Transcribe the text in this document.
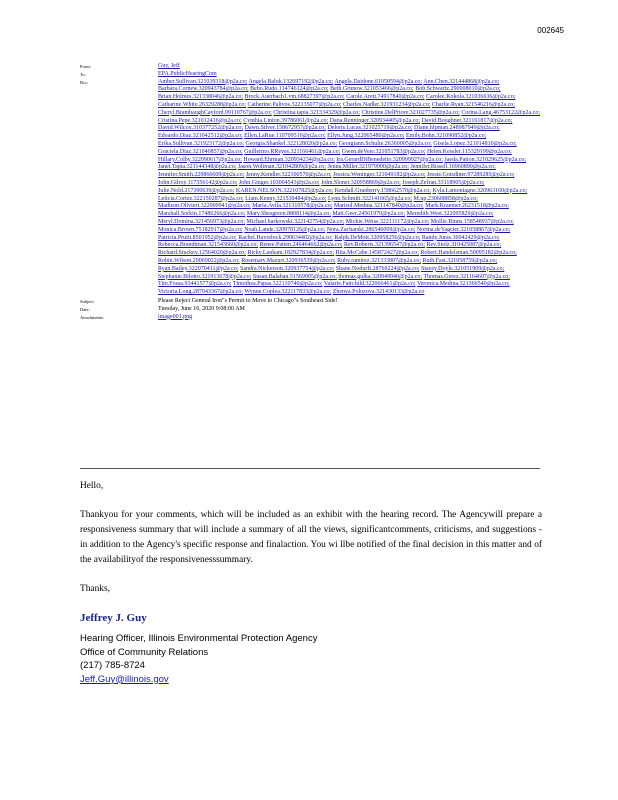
002645
From:	Guy, Jeff
To:	EPA.PublicHearingCom
Bcc:	Amber.Sullivan.321039318@p2a.co; Angela.Baluk.132697192@p2a.co; Angela.Daidone.61050594@p2a.co; Ann.Chen.321444868@p2a.co; Barbara.Cornew.320943784@p2a.co; Beho.Rudo.114746124@p2a.co; Beth.Grunow.321053466@p2a.co; Bob.Schwartz.290008010@p2a.co; Brian.Holmes.321338046@p2a.co; Brock.Auerbach1.vm.68827397@p2a.co; Carole.Arett.74917840@p2a.co; Carolee.Kokola.321036636@p2a.co; Catharine.White.26329288@p2a.co; Catherine.Palivos.322135077@p2a.co; Charles.Nadler.321931234@p2a.co; Charlie.Ryan.321546216@p2a.co; Cheryl.BrambaughCayford.99110767@p2a.co; Christina.tapia.321334329@p2a.co; Christine.DelPriore.321027735@p2a.co; Corina.Lang.46753122@p2a.co; Cristina.Pepe.321012416@p2a.co; Cynthia.Linton.39786061@p2a.co; Dana.Renninger.320934405@p2a.co; David.Boughner.321161817@p2a.co; David.Wilcox.310377252@p2a.co; Dawn.Silver.158672957@p2a.co; Deloris.Lucas.321025719@p2a.co; Diane.hIpman.248987949@p2a.co; Edoardo.Diaz.321042512@p2a.co; Ellen.LaRue.110709516@p2a.co; Ellyn.Jung.322065480@p2a.co; Emily.Bohn.321090852@p2a.co; Erika.Sullivan.321923172@p2a.co; Georgia.Shankel.322128020@p2a.co; Georgiann.Schulte.26360005@p2a.co; Gisela.Lopez.321014810@p2a.co; Graciela.Diaz.321040857@p2a.co; Guillermo.RReyes.321166461@p2a.co; Gwen.deVeer.321051783@p2a.co; Helen.Kessler.115329199@p2a.co; Hillary.Colby.322090617@p2a.co; Howard.Ehrman.320934234@p2a.co; Ira.GerardDiBenedetto.320999927@p2a.co; Jaeda.Patton.321029625@p2a.co; Janet.Tapia.321144348@p2a.co; Jason.Woltman.321042809@p2a.co; Jenna.Miller.321979900@p2a.co; Jennifer.Bissell.16960890@p2a.co; Jennifer.Smith.229866609@p2a.co; Jenny.Kendler.322100570@p2a.co; Jessica.Weninger.321049182@p2a.co; Jessie.Gotsdiner.97289285@p2a.co; John.Gilroy.117356142@p2a.co; John.Ginger.103004543@p2a.co; John.Sloner.320958869@p2a.co; Joseph.Zefran.33118905@p2a.co; Julie.Nold.217390639@p2a.co; KAREN.NELSON.322107825@p2a.co; Kendall.Granberry.158662570@p2a.co; Kyla.Lamontagne.320963160@p2a.co; Leticia.Cortez.322150287@p2a.co; Liam.Kenny.321530484@p2a.co; Lynn.Schmitt.322141665@p2a.co; M.up.230608858@p2a.co; Madison.Olivieri.322009941@p2a.co; Maria.Avila.321310578@p2a.co; Marisol.Medina.321147840@p2a.co; Mark.Kraemer.26231518@p2a.co; Marshall.Sorkin.17486266@p2a.co; Mary.Shesgreen.8808114@p2a.co; Matt.Geer.24561970@p2a.co; Meredith.West.322095829@p2a.co; Meryl.Domina.321456973@p2a.co; Michael.barkowski.322142754@p2a.co; Mickie.Weiss.322111172@p2a.co; Mollie.Binns.158548937@p2a.co; Monica.Brown.75182917@p2a.co; Noah.Lande.320978126@p2a.co; Nora.Zacharski.286546009@p2a.co; Norma.deYagcier.321058867@p2a.co; Patricia.Pruitt.8501952@p2a.co; Rachel.Havrelock.290634402@p2a.co; Ralph.DeMott.320958256@p2a.co; Randy.Juras.36042429@p2a.co; Rebecca.Brandtman.321543660@p2a.co; Renee.Patten.246464662@p2a.co; Rev.Roberts.321396547@p2a.co; Rev.Stolz.310425087@p2a.co; Richard.Stuckey.12564020@p2a.co; Ricky.Lanham.182927834@p2a.co; Rita.McCabe.145872427@p2a.co; Robert.Handelsman.50095182@p2a.co; Robin.Wilson.29069022@p2a.co; Rosemary.Mazurr.320936539@p2a.co; Ruby.ramirez.321333807@p2a.co; Ruth.Fast.321058759@p2a.co; Ryan.Bailey.322070411@p2a.co; Sandra.Nickerson.320937754@p2a.co; Shane.Nodurft.28769224@p2a.co; Stacey.Doyle.321051909@p2a.co; Stephanie.Bilotto.321913678@p2a.co; Susan.Balaban.51569905@p2a.co; thomas.gulka.320949940@p2a.co; Thomas.Gerez.321164607@p2a.co; Tim.Fossa.93441577@p2a.co; Timothea.Papas.322110740@p2a.co; Valarie.Fairchild.322066461@p2a.co; Veronica.Medina.321366540@p2a.co; Victoria.Long.287043367@p2a.co; Wynne.Coplea.322117833@p2a.co; Zhenya.Polozova.321430133@p2a.co
Subject:	Please Reject General Iron"s Permit to Move to Chicago"s Southeast Side!
Date:	Tuesday, June 16, 2020 9:08:00 AM
Attachments:	image001.png
Hello,
Thankyou for your comments, which will be included as an exhibit with the hearing record. The Agencywill prepare a responsiveness summary that will include a summary of all the views, significantcomments, criticisms, and suggestions - in addition to the Agency's specific response and finalaction. You wi llbe notified of the final decision in this matter and of the availabilityof the responsivenesssummary.
Thanks,
Jeffrey J. Guy
Hearing Officer, Illinois Environmental Protection Agency
Office of Community Relations
(217) 785-8724
Jeff.Guy@illinois.gov
